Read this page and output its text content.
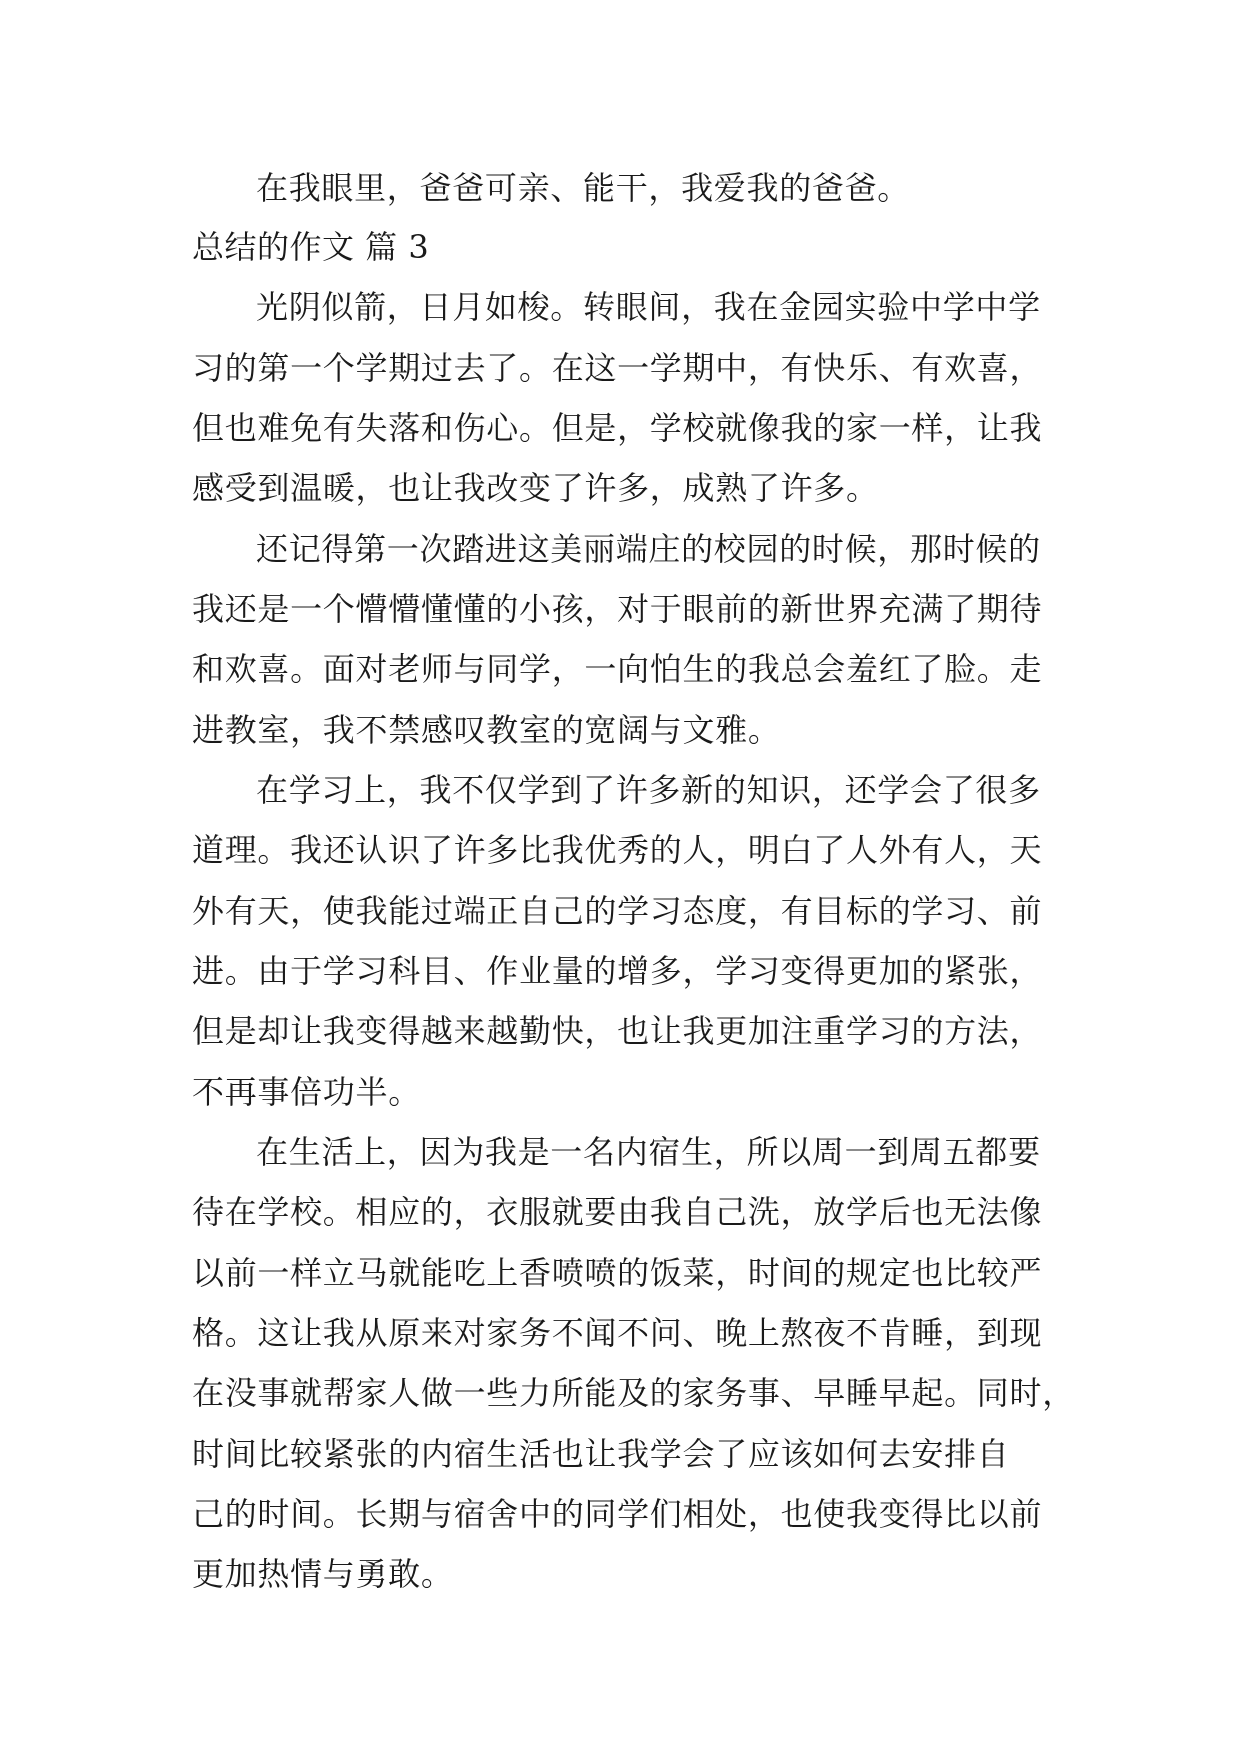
在我眼里，爸爸可亲、能干，我爱我的爸爸。
总结的作文 篇 3
光阴似箭，日月如梭。转眼间，我在金园实验中学中学
习的第一个学期过去了。在这一学期中，有快乐、有欢喜，
但也难免有失落和伤心。但是，学校就像我的家一样，让我
感受到温暖，也让我改变了许多，成熟了许多。
还记得第一次踏进这美丽端庄的校园的时候，那时候的
我还是一个懵懵懂懂的小孩，对于眼前的新世界充满了期待
和欢喜。面对老师与同学，一向怕生的我总会羞红了脸。走
进教室，我不禁感叹教室的宽阔与文雅。
在学习上，我不仅学到了许多新的知识，还学会了很多
道理。我还认识了许多比我优秀的人，明白了人外有人，天
外有天，使我能过端正自己的学习态度，有目标的学习、前
进。由于学习科目、作业量的增多，学习变得更加的紧张，
但是却让我变得越来越勤快，也让我更加注重学习的方法，
不再事倍功半。
在生活上，因为我是一名内宿生，所以周一到周五都要
待在学校。相应的，衣服就要由我自己洗，放学后也无法像
以前一样立马就能吃上香喷喷的饭菜，时间的规定也比较严
格。这让我从原来对家务不闻不问、晚上熬夜不肯睡，到现
在没事就帮家人做一些力所能及的家务事、早睡早起。同时，
时间比较紧张的内宿生活也让我学会了应该如何去安排自
己的时间。长期与宿舍中的同学们相处，也使我变得比以前
更加热情与勇敢。
